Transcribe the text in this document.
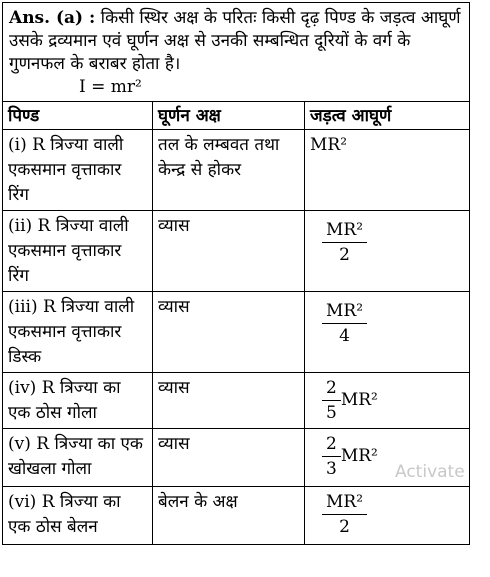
Ans. (a) : किसी स्थिर अक्ष के परितः किसी दृढ़ पिण्ड के जड़त्व आघूर्ण उसके द्रव्यमान एवं घूर्णन अक्ष से उनकी सम्बन्धित दूरियों के वर्ग के गुणनफल के बराबर होता है।
I = mr²		

पिण्ड	घूर्णन अक्ष	जड़त्व आघूर्ण
(i) R त्रिज्या वाली एकसमान वृत्ताकार रिंग	तल के लम्बवत तथा केन्द्र से होकर	MR²
(ii) R त्रिज्या वाली एकसमान वृत्ताकार रिंग	व्यास	$\frac{\text{MR²}}{2}$

(iii) R त्रिज्या वाली एकसमान वृत्ताकार डिस्क	व्यास	$\frac{\text{MR²}}{4}$

(iv) R त्रिज्या का एक ठोस गोला	व्यास	$\frac{2}{5} MR^2$

(v) R त्रिज्या का एक खोखला गोला	व्यास	$\frac{2}{3} MR^2$

(vi) R त्रिज्या का एक ठोस बेलन	बेलन के अक्ष	$\frac{\text{MR²}}{2}$
Activate
